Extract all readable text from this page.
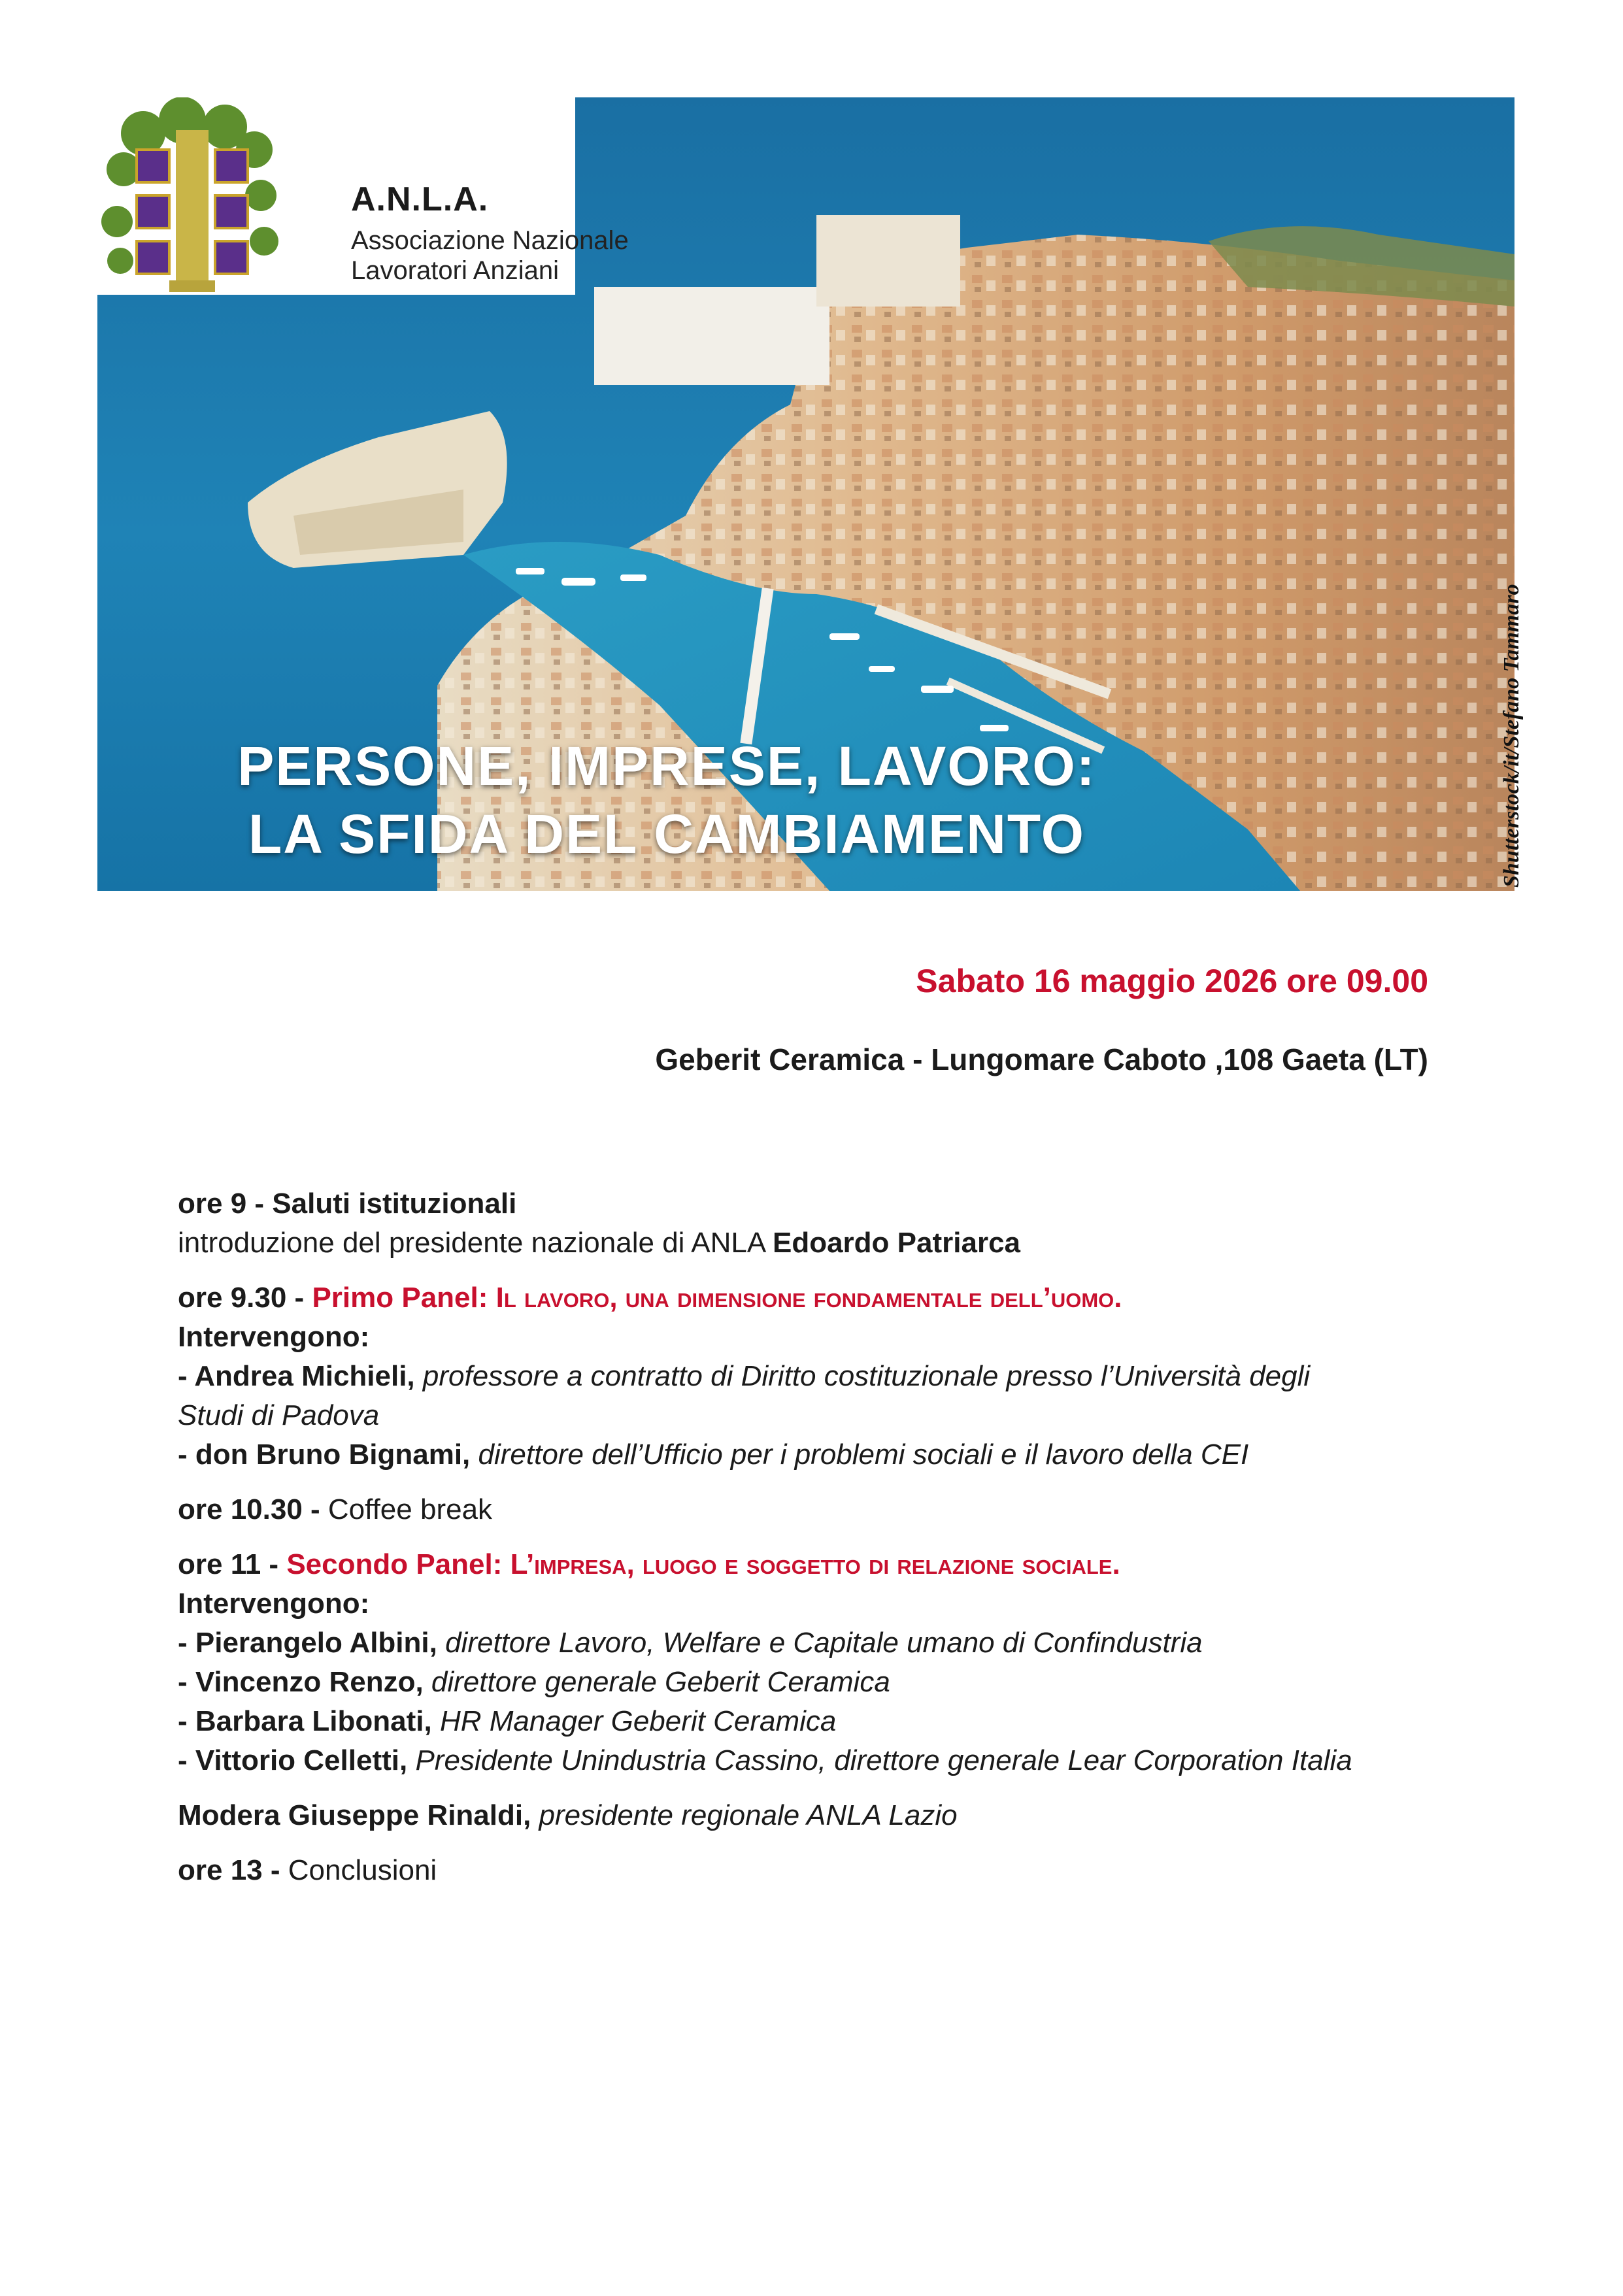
A.N.L.A.
Associazione Nazionale
Lavoratori Anziani
PERSONE, IMPRESE, LAVORO:
LA SFIDA DEL CAMBIAMENTO	Shutterstock/it/Stefano Tammaro
Sabato 16 maggio 2026 ore 09.00
Geberit Ceramica - Lungomare Caboto ,108 Gaeta (LT)
ore 9 - Saluti istituzionali
introduzione del presidente nazionale di ANLA Edoardo Patriarca
ore 9.30 - Primo Panel: Il lavoro, una dimensione fondamentale dell’uomo.
Intervengono:
- Andrea Michieli, professore a contratto di Diritto costituzionale presso l’Università degli
Studi di Padova
- don Bruno Bignami, direttore dell’Ufficio per i problemi sociali e il lavoro della CEI
ore 10.30 - Coffee break
ore 11 - Secondo Panel: L’impresa, luogo e soggetto di relazione sociale.
Intervengono:
- Pierangelo Albini, direttore Lavoro, Welfare e Capitale umano di Confindustria
- Vincenzo Renzo, direttore generale Geberit Ceramica
- Barbara Libonati, HR Manager Geberit Ceramica
- Vittorio Celletti, Presidente Unindustria Cassino, direttore generale Lear Corporation Italia
Modera Giuseppe Rinaldi, presidente regionale ANLA Lazio
ore 13 - Conclusioni
